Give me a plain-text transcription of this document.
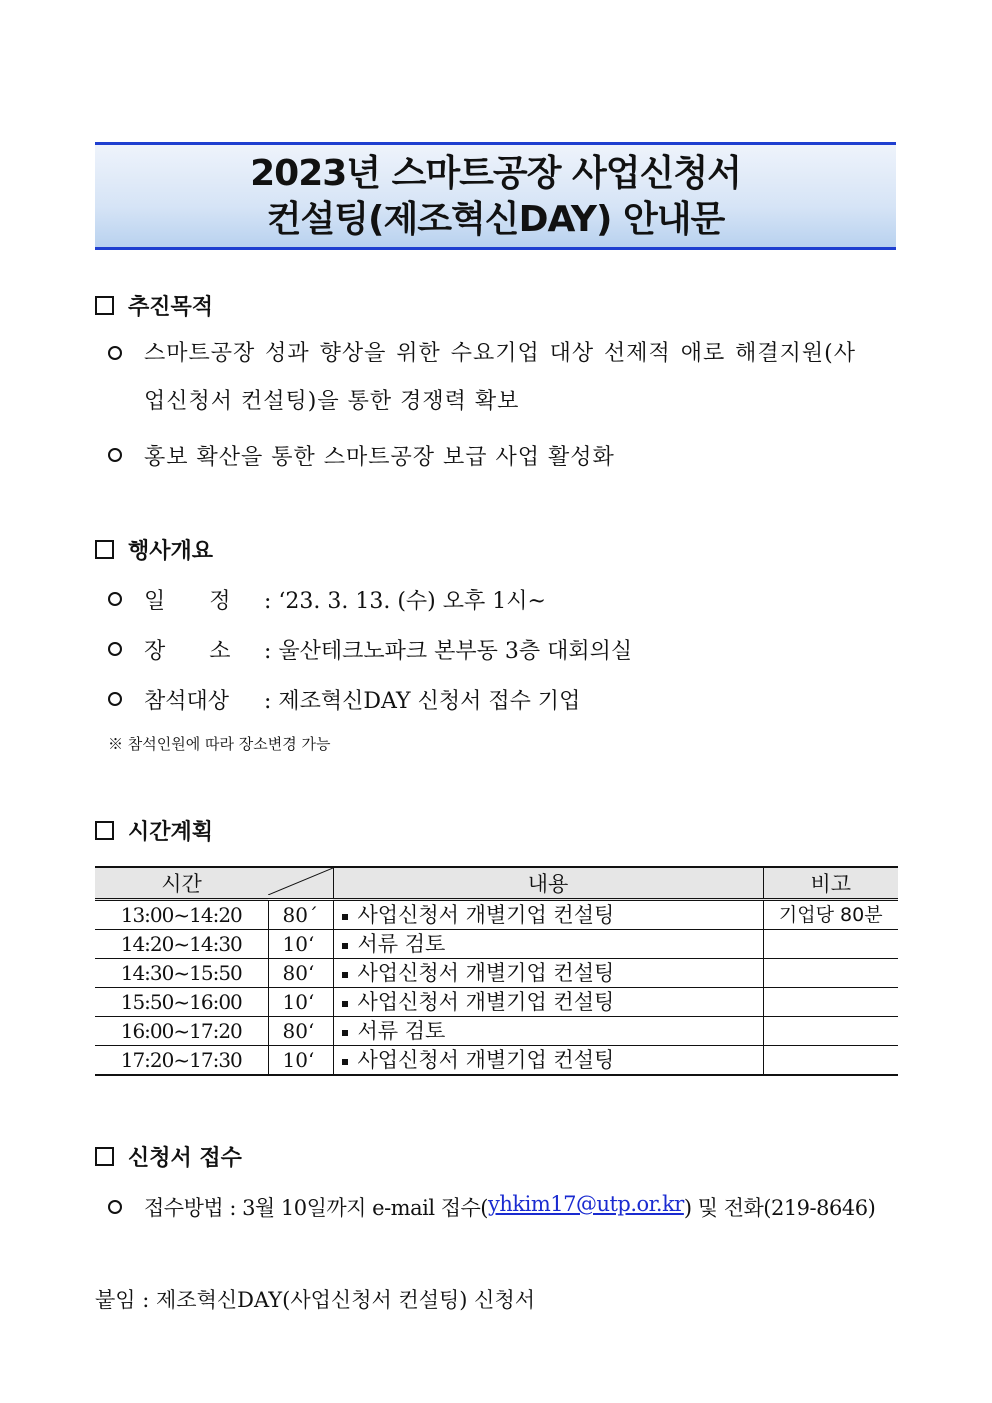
2023년 스마트공장 사업신청서
컨설팅(제조혁신DAY) 안내문
추진목적
스마트공장 성과 향상을 위한 수요기업 대상 선제적 애로 해결지원(사업신청서 컨설팅)을 통한 경쟁력 확보
홍보 확산을 통한 스마트공장 보급 사업 활성화
행사개요
일　　정	: ‘23. 3. 13. (수) 오후 1시~
장　　소	: 울산테크노파크 본부동 3층 대회의실
참석대상	: 제조혁신DAY 신청서 접수 기업
※ 참석인원에 따라 장소변경 가능
시간계획
시간		내용	비고
13:00~14:20	80´	사업신청서 개별기업 컨설팅	기업당 80분
14:20~14:30	10‘	서류 검토	
14:30~15:50	80‘	사업신청서 개별기업 컨설팅	
15:50~16:00	10‘	사업신청서 개별기업 컨설팅	
16:00~17:20	80‘	서류 검토	
17:20~17:30	10‘	사업신청서 개별기업 컨설팅	
신청서 접수
접수방법 : 3월 10일까지 e-mail 접수( yhkim17@utp.or.kr ) 및 전화(219-8646)
붙임 : 제조혁신DAY(사업신청서 컨설팅) 신청서
